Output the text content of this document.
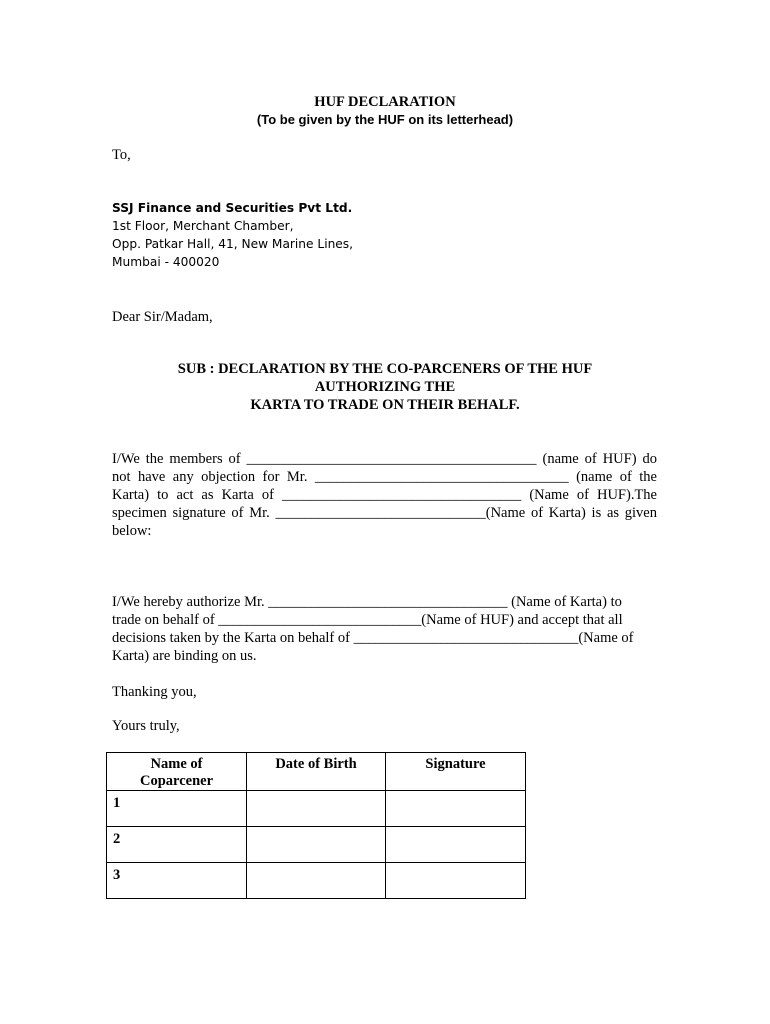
HUF DECLARATION
(To be given by the HUF on its letterhead)
To,
SSJ Finance and Securities Pvt Ltd.
1st Floor, Merchant Chamber,
Opp. Patkar Hall, 41, New Marine Lines,
Mumbai - 400020
Dear Sir/Madam,
SUB : DECLARATION BY THE CO-PARCENERS OF THE HUF
AUTHORIZING THE
KARTA TO TRADE ON THEIR BEHALF.
I/We the members of ________________________________________ (name of HUF) do
not have any objection for Mr. ___________________________________ (name of the
Karta) to act as Karta of _________________________________ (Name of HUF).The
specimen signature of Mr. _____________________________(Name of Karta) is as given
below:
I/We hereby authorize Mr. _________________________________ (Name of Karta) to
trade on behalf of ____________________________(Name of HUF) and accept that all
decisions taken by the Karta on behalf of _______________________________(Name of
Karta) are binding on us.
Thanking you,
Yours truly,
Name of Coparcener	Date of Birth	Signature
1		
2		
3		
